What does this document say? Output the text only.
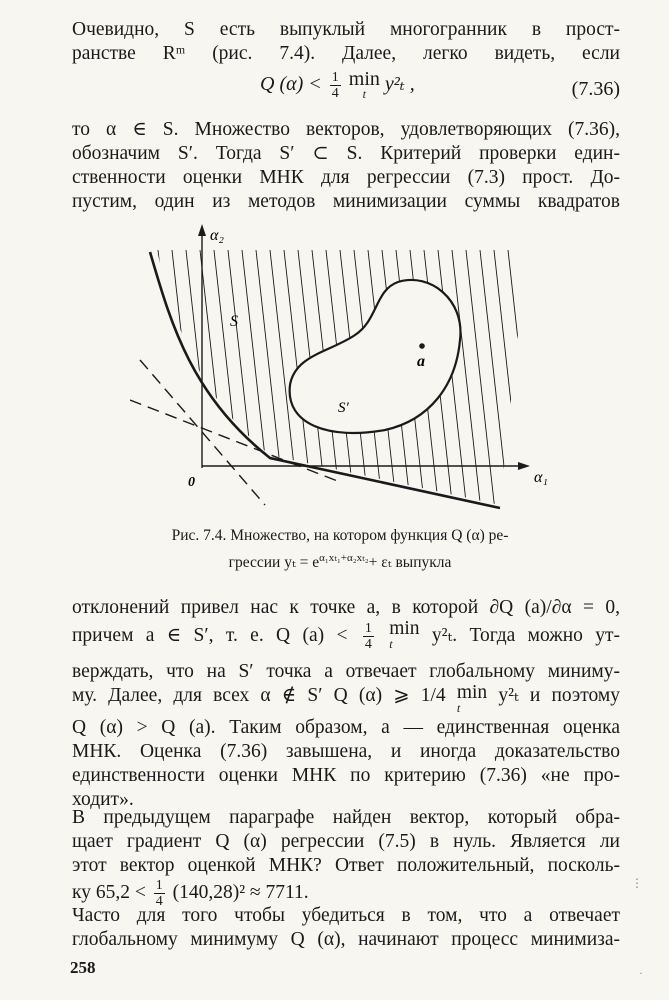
Очевидно, S есть выпуклый многогранник в прост-
ранстве Rᵐ (рис. 7.4). Далее, легко видеть, если
Q $(\alpha) < \frac{1}{4}$ min
t y²ₜ ,	(7.36)
то α ∈ S. Множество векторов, удовлетворяющих (7.36),
обозначим S′. Тогда S′ ⊂ S. Критерий проверки един-
ственности оценки МНК для регрессии (7.3) прост. До-
пустим, один из методов минимизации суммы квадратов
α₂
α₁
0
S
S′
a
Рис. 7.4. Множество, на котором функция Q (α) ре-
грессии $y_t = e^{\alpha_1x_{t1}+\alpha_2x_{t2}}+ \varepsilon_t$ выпукла
отклонений привел нас к точке a, в которой ∂Q (a)/∂α = 0,
причем a ∈ S′, т. е. Q $(a) < \frac{1}{4}$ min
t	y²ₜ. Тогда можно ут-
верждать, что на S′ точка a отвечает глобальному миниму-
му. Далее, для всех α ∉ S′ Q (α) ⩾ 1/4 min
t
y²ₜ и поэтому
Q (α) > Q (a). Таким образом, a — единственная оценка
МНК. Оценка (7.36) завышена, и иногда доказательство
единственности оценки МНК по критерию (7.36) «не про-
ходит».
В предыдущем параграфе найден вектор, который обра-
щает градиент Q (α) регрессии (7.5) в нуль. Является ли
этот вектор оценкой МНК? Ответ положительный, посколь-
ку $65,2 < \frac{1}{4} (140,28)^2 \approx 7711$.
Часто для того чтобы убедиться в том, что a отвечает
глобальному минимуму Q (α), начинают процесс минимиза-
258
⋮
·
